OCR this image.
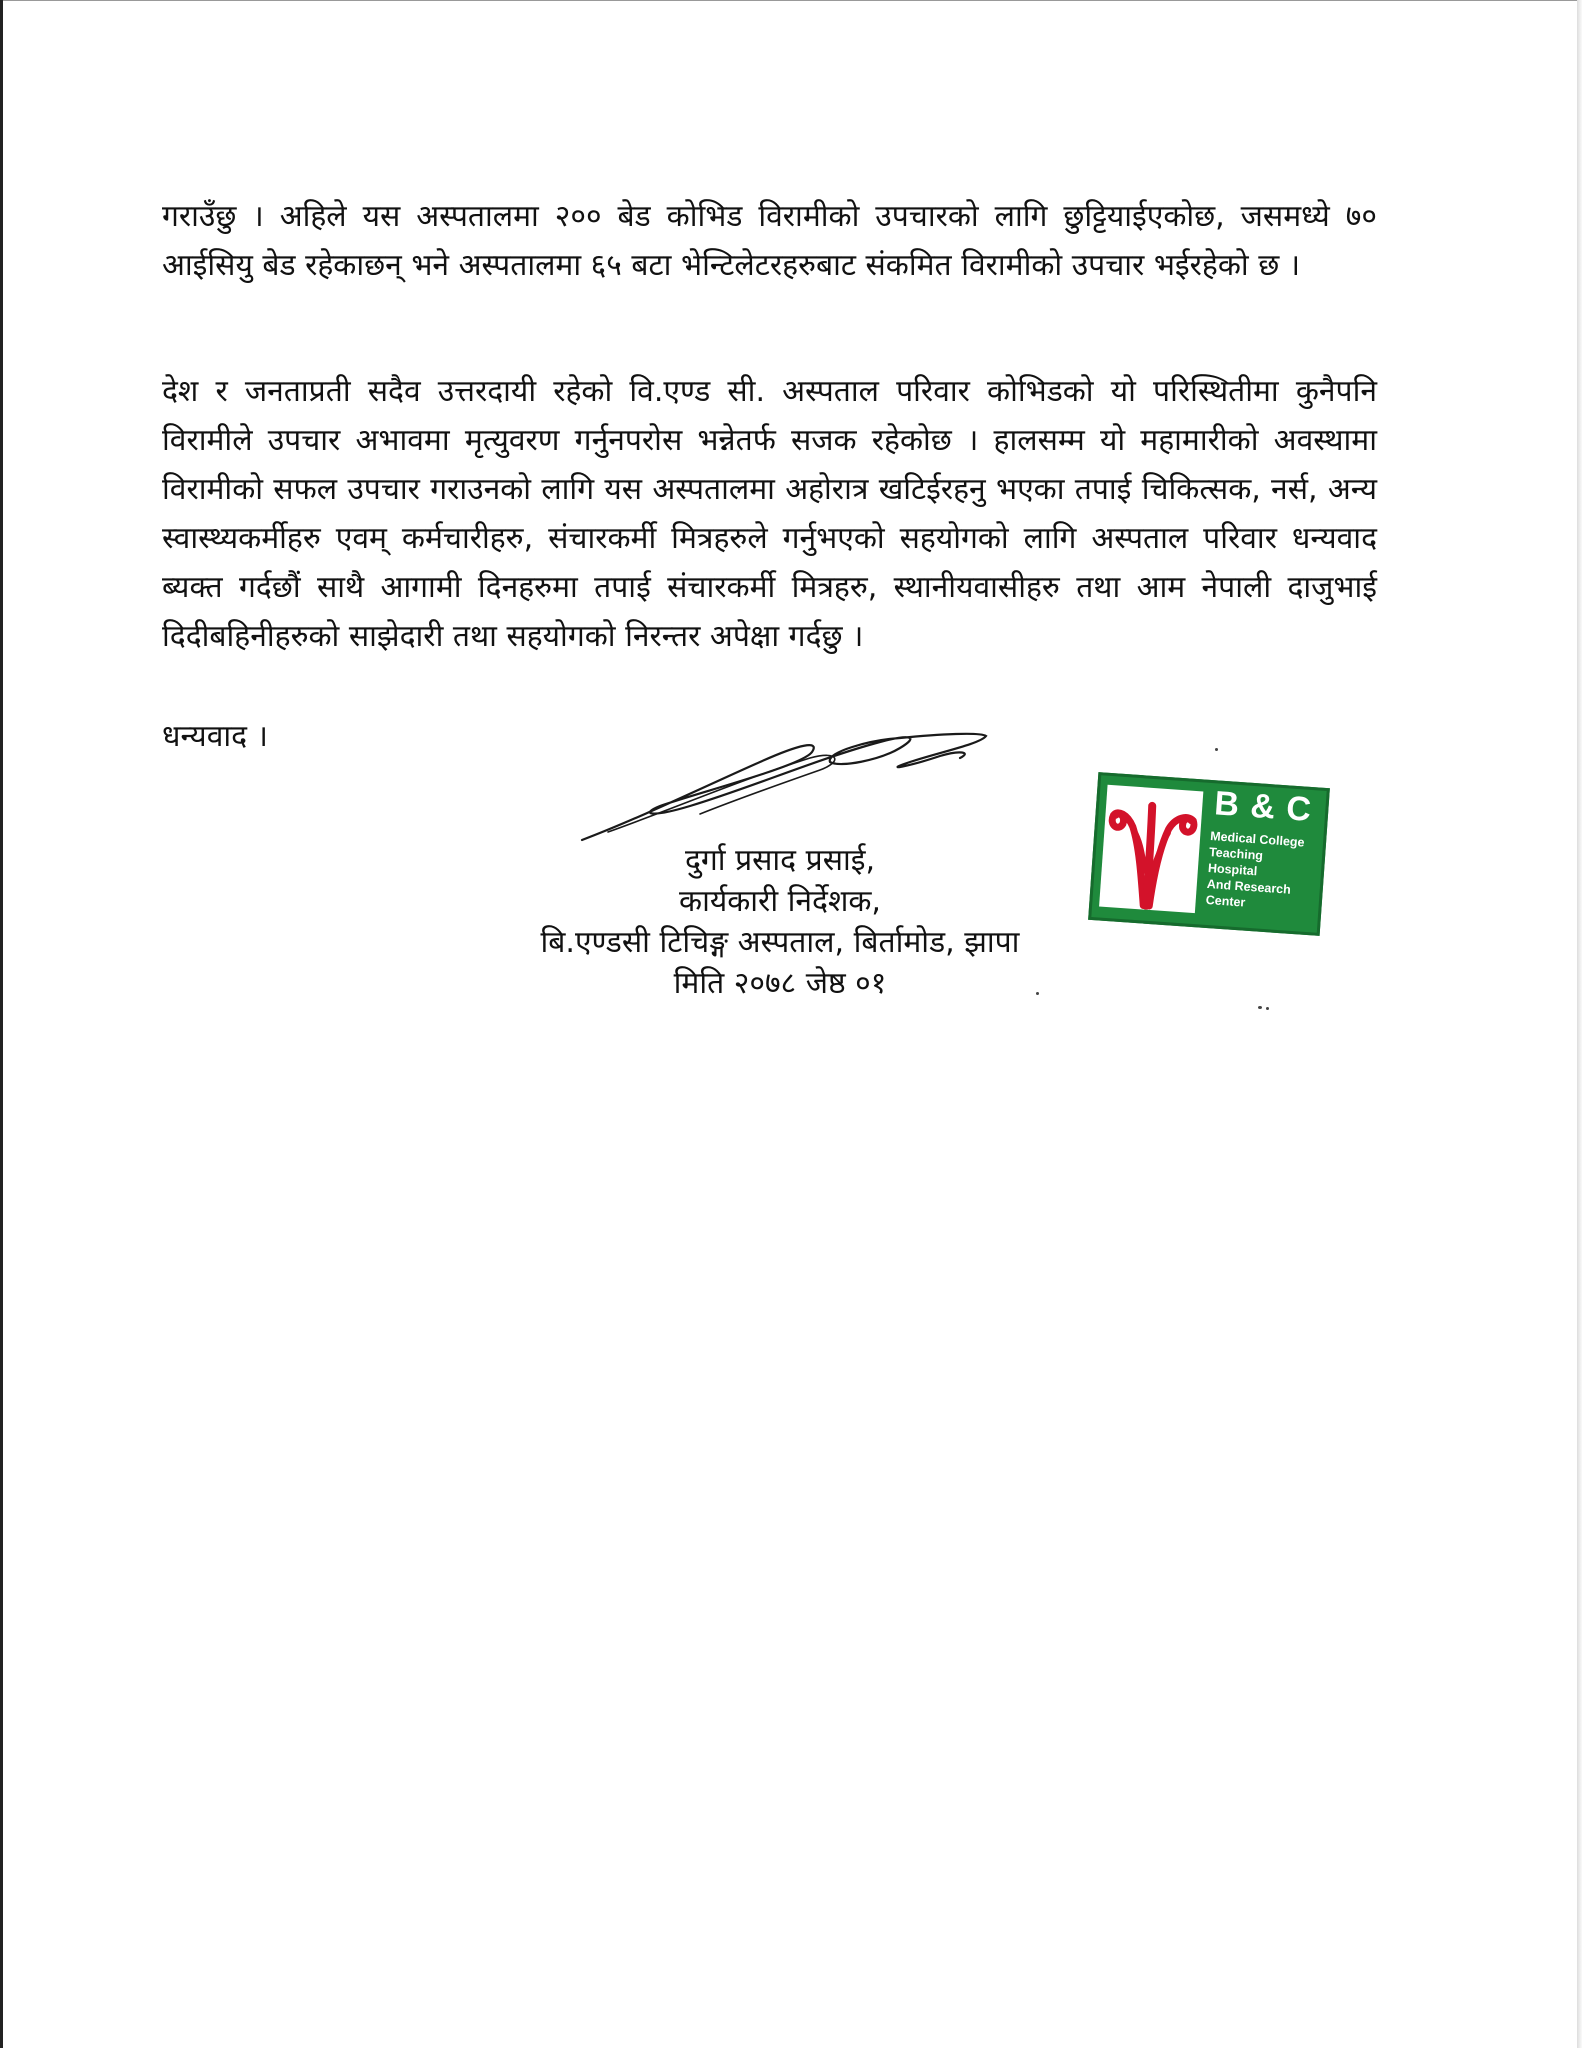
गराउँछु । अहिले यस अस्पतालमा २०० बेड कोभिड विरामीको उपचारको लागि छुट्टियाईएकोछ, जसमध्ये ७० आईसियु बेड रहेकाछन् भने अस्पतालमा ६५ बटा भेन्टिलेटरहरुबाट संकमित विरामीको उपचार भईरहेको छ ।

देश र जनताप्रती सदैव उत्तरदायी रहेको वि.एण्ड सी. अस्पताल परिवार कोभिडको यो परिस्थितीमा कुनैपनि विरामीले उपचार अभावमा मृत्युवरण गर्नुनपरोस भन्नेतर्फ सजक रहेकोछ । हालसम्म यो महामारीको अवस्थामा विरामीको सफल उपचार गराउनको लागि यस अस्पतालमा अहोरात्र खटिईरहनु भएका तपाई चिकित्सक, नर्स, अन्य स्वास्थ्यकर्मीहरु एवम् कर्मचारीहरु, संचारकर्मी मित्रहरुले गर्नुभएको सहयोगको लागि अस्पताल परिवार धन्यवाद ब्यक्त गर्दछौं साथै आगामी दिनहरुमा तपाई संचारकर्मी मित्रहरु, स्थानीयवासीहरु तथा आम नेपाली दाजुभाई दिदीबहिनीहरुको साझेदारी तथा सहयोगको निरन्तर अपेक्षा गर्दछु ।

धन्यवाद ।

दुर्गा प्रसाद प्रसाई,

कार्यकारी निर्देशक,

बि.एण्डसी टिचिङ्ग अस्पताल, बिर्तामोड, झापा

मिति २०७८ जेष्ठ ०१

B & C
Medical College
Teaching
Hospital
And Research
Center
